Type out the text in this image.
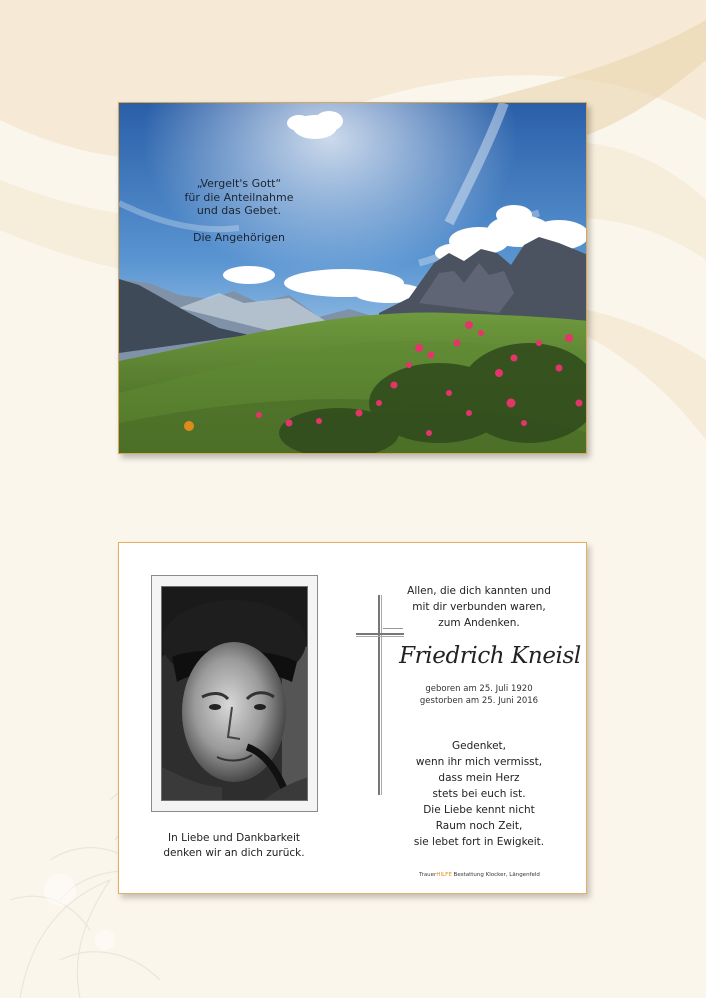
„Vergelt's Gott“
für die Anteilnahme
und das Gebet.
Die Angehörigen
In Liebe und Dankbarkeit
denken wir an dich zurück.
Allen, die dich kannten und
mit dir verbunden waren,
zum Andenken.
Friedrich Kneisl
geboren am 25. Juli 1920
gestorben am 25. Juni 2016
Gedenket,
wenn ihr mich vermisst,
dass mein Herz
stets bei euch ist.
Die Liebe kennt nicht
Raum noch Zeit,
sie lebet fort in Ewigkeit.
TrauerHILFE Bestattung Klocker, Längenfeld
